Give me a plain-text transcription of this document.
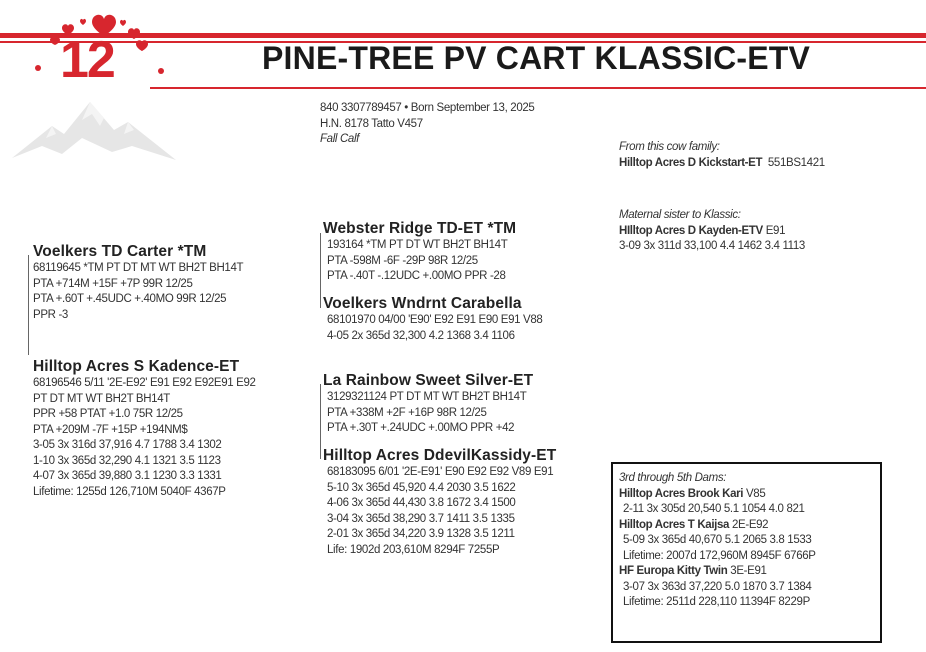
12	PINE-TREE PV CART KLASSIC-ETV
840 3307789457 • Born September 13, 2025
H.N. 8178 Tatto V457
Fall Calf
Voelkers TD Carter *TM
68119645 *TM PT DT MT WT BH2T BH14T
PTA +714M +15F +7P 99R 12/25
PTA +.60T +.45UDC +.40MO 99R 12/25
PPR -3
Hilltop Acres S Kadence-ET
68196546 5/11 '2E-E92' E91 E92 E92E91 E92
PT DT MT WT BH2T BH14T
PPR +58 PTAT +1.0 75R 12/25
PTA +209M -7F +15P +194NM$
3-05 3x 316d 37,916 4.7 1788 3.4 1302
1-10 3x 365d 32,290 4.1 1321 3.5 1123
4-07 3x 365d 39,880 3.1 1230 3.3 1331
Lifetime: 1255d 126,710M 5040F 4367P
Webster Ridge TD-ET *TM
193164 *TM PT DT WT BH2T BH14T
PTA -598M -6F -29P 98R 12/25
PTA -.40T -.12UDC +.00MO PPR -28
Voelkers Wndrnt Carabella
68101970 04/00 'E90' E92 E91 E90 E91 V88
4-05 2x 365d 32,300 4.2 1368 3.4 1106
La Rainbow Sweet Silver-ET
3129321124 PT DT MT WT BH2T BH14T
PTA +338M +2F +16P 98R 12/25
PTA +.30T +.24UDC +.00MO PPR +42
Hilltop Acres DdevilKassidy-ET
68183095 6/01 '2E-E91' E90 E92 E92 V89 E91
5-10 3x 365d 45,920 4.4 2030 3.5 1622
4-06 3x 365d 44,430 3.8 1672 3.4 1500
3-04 3x 365d 38,290 3.7 1411 3.5 1335
2-01 3x 365d 34,220 3.9 1328 3.5 1211
Life: 1902d 203,610M 8294F 7255P
From this cow family:
Hilltop Acres D Kickstart-ET 551BS1421
Maternal sister to Klassic:
HIlltop Acres D Kayden-ETV E91
3-09 3x 311d 33,100 4.4 1462 3.4 1113
3rd through 5th Dams:
Hilltop Acres Brook Kari V85
2-11 3x 305d 20,540 5.1 1054 4.0 821
Hilltop Acres T Kaijsa 2E-E92
5-09 3x 365d 40,670 5.1 2065 3.8 1533
Lifetime: 2007d 172,960M 8945F 6766P
HF Europa Kitty Twin 3E-E91
3-07 3x 363d 37,220 5.0 1870 3.7 1384
Lifetime: 2511d 228,110 11394F 8229P
